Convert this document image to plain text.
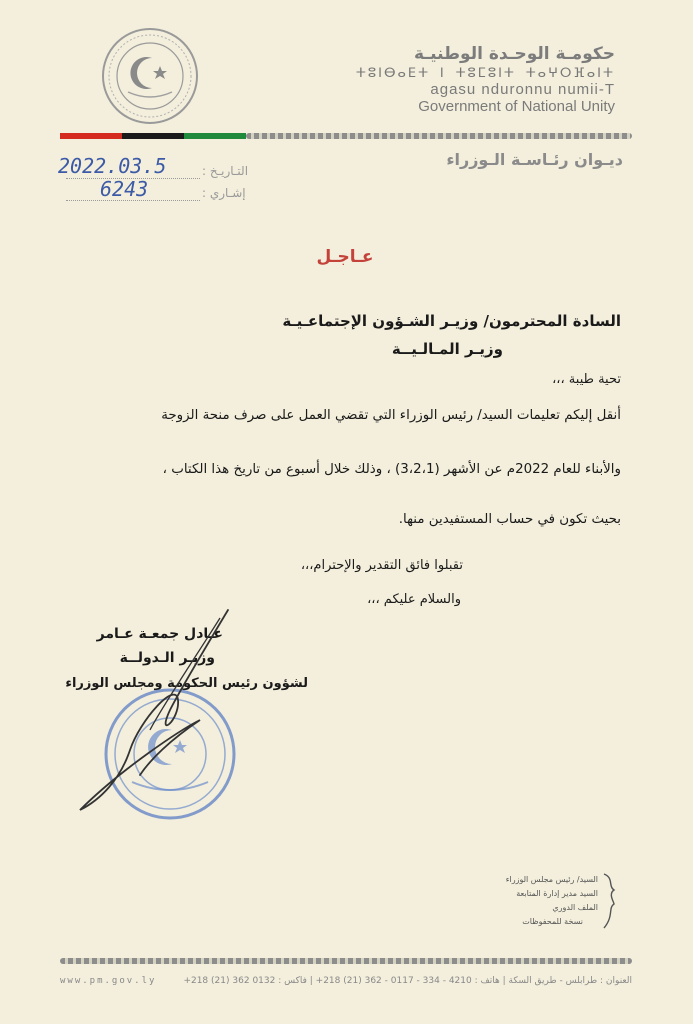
حكومـة الوحـدة الوطنيـة
ⵜⵓⵏⴱⴰⴹⵜ ⵏ ⵜⵓⵎⵓⵏⵜ ⵜⴰⵖⵔⴼⴰⵏⵜ
agasu nduronnu numii-T
Government of National Unity
ديـوان رئـاسـة الـوزراء
التـاريـخ :
2022.03.5
إشـاري :
6243
عـاجـل
السادة المحترمون/ وزيـر الشـؤون الإجتماعـيـة
وزيـر المـالـيــة
تحية طيبة ،،،
أنقل إليكم تعليمات السيد/ رئيس الوزراء التي تقضي العمل على صرف منحة الزوجة
والأبناء للعام 2022م عن الأشهر (3،2،1) ، وذلك خلال أسبوع من تاريخ هذا الكتاب ،
بحيث تكون في حساب المستفيدين منها.
تقبلوا فائق التقدير والإحترام،،،
والسلام عليكم ،،،
عـادل جمعـة عـامر
وزيـر الـدولــة
لشؤون رئيس الحكومة ومجلس الوزراء
السيد/ رئيس مجلس الوزراء
السيد مدير إدارة المتابعة
الملف الدوري
نسخة للمحفوظات
www.pm.gov.ly	العنوان : طرابلس - طريق السكة | هاتف : 4210 - 334 - 0117 - 362 (21) 218+ | فاكس : 0132 362 (21) 218+
